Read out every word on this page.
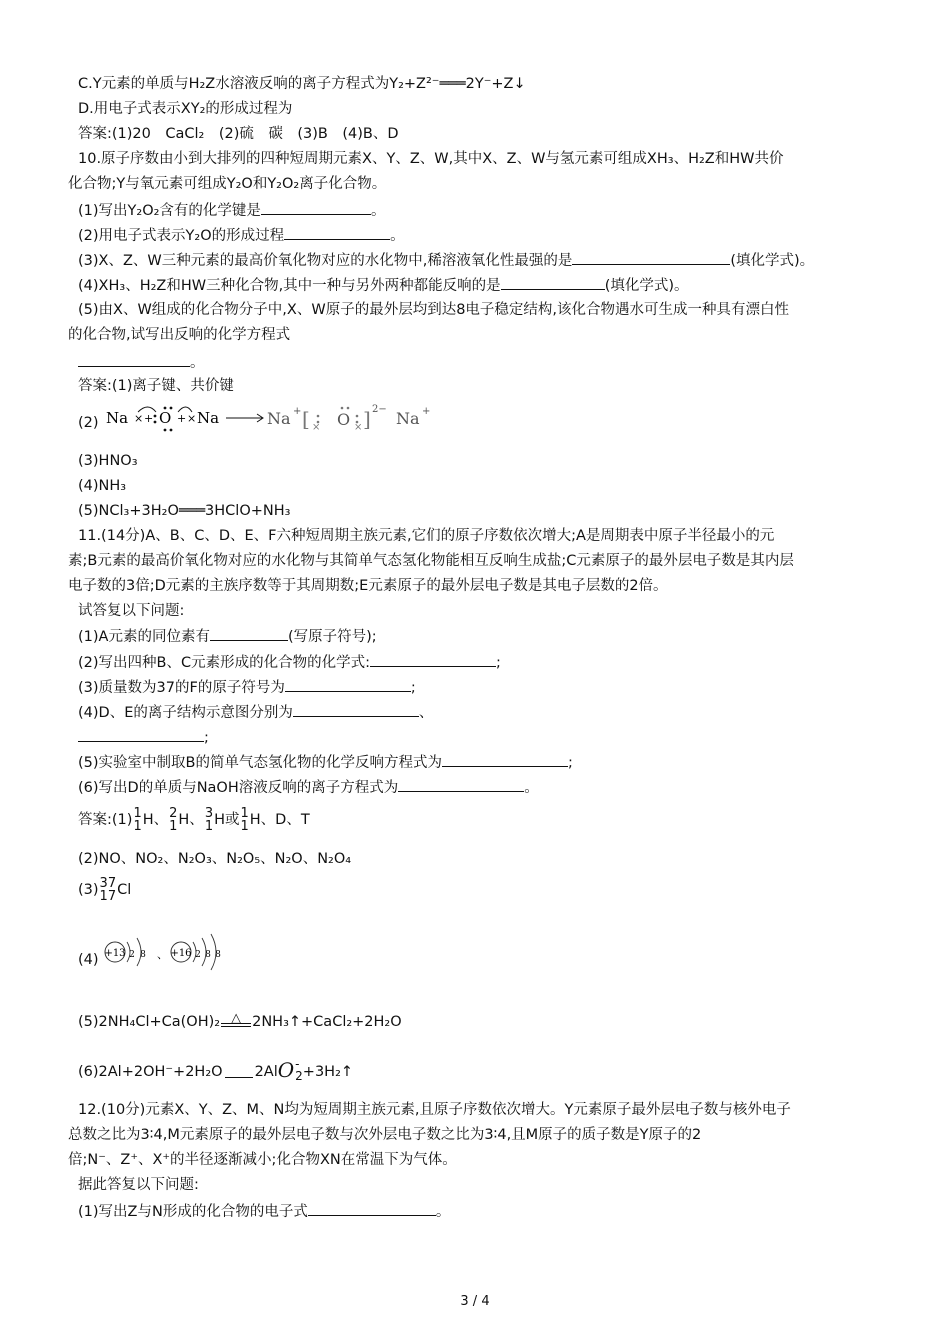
C.Y元素的单质与H₂Z水溶液反响的离子方程式为Y₂+Z²⁻═══2Y⁻+Z↓
D.用电子式表示XY₂的形成过程为
答案:(1)20　CaCl₂　(2)硫　碳　(3)B　(4)B、D
10.原子序数由小到大排列的四种短周期元素X、Y、Z、W,其中X、Z、W与氢元素可组成XH₃、H₂Z和HW共价
化合物;Y与氧元素可组成Y₂O和Y₂O₂离子化合物。
(1)写出Y₂O₂含有的化学键是	。
(2)用电子式表示Y₂O的形成过程	。
(3)X、Z、W三种元素的最高价氧化物对应的水化物中,稀溶液氧化性最强的是	(填化学式)。
(4)XH₃、H₂Z和HW三种化合物,其中一种与另外两种都能反响的是	(填化学式)。
(5)由X、W组成的化合物分子中,X、W原子的最外层均到达8电子稳定结构,该化合物遇水可生成一种具有漂白性
的化合物,试写出反响的化学方程式
。
答案:(1)离子键、共价键
(2) Na × + O + × Na	Na + [ × O × ] 2− Na +
(3)HNO₃
(4)NH₃
(5)NCl₃+3H₂O═══3HClO+NH₃
11.(14分)A、B、C、D、E、F六种短周期主族元素,它们的原子序数依次增大;A是周期表中原子半径最小的元
素;B元素的最高价氧化物对应的水化物与其简单气态氢化物能相互反响生成盐;C元素原子的最外层电子数是其内层
电子数的3倍;D元素的主族序数等于其周期数;E元素原子的最外层电子数是其电子层数的2倍。
试答复以下问题:
(1)A元素的同位素有	(写原子符号);
(2)写出四种B、C元素形成的化合物的化学式:	;
(3)质量数为37的F的原子符号为	;
(4)D、E的离子结构示意图分别为	、
;
(5)实验室中制取B的简单气态氢化物的化学反响方程式为	;
(6)写出D的单质与NaOH溶液反响的离子方程式为	。
答案:(1) 1
1 H、 2
1 H、 3
1 H或 1
1 H、D、T
(2)NO、NO₂、N₂O₃、N₂O₅、N₂O、N₂O₄
(3) 37
17 Cl
(4) +13 2 8 、 +16 2 8 8
(5)2NH₄Cl+Ca(OH)₂ △ 2NH₃↑+CaCl₂+2H₂O
(6)2Al+2OH⁻+2H₂O 2Al O -
2 +3H₂↑
12.(10分)元素X、Y、Z、M、N均为短周期主族元素,且原子序数依次增大。Y元素原子最外层电子数与核外电子
总数之比为3∶4,M元素原子的最外层电子数与次外层电子数之比为3∶4,且M原子的质子数是Y原子的2
倍;N⁻、Z⁺、X⁺的半径逐渐减小;化合物XN在常温下为气体。
据此答复以下问题:
(1)写出Z与N形成的化合物的电子式	。
3 / 4
